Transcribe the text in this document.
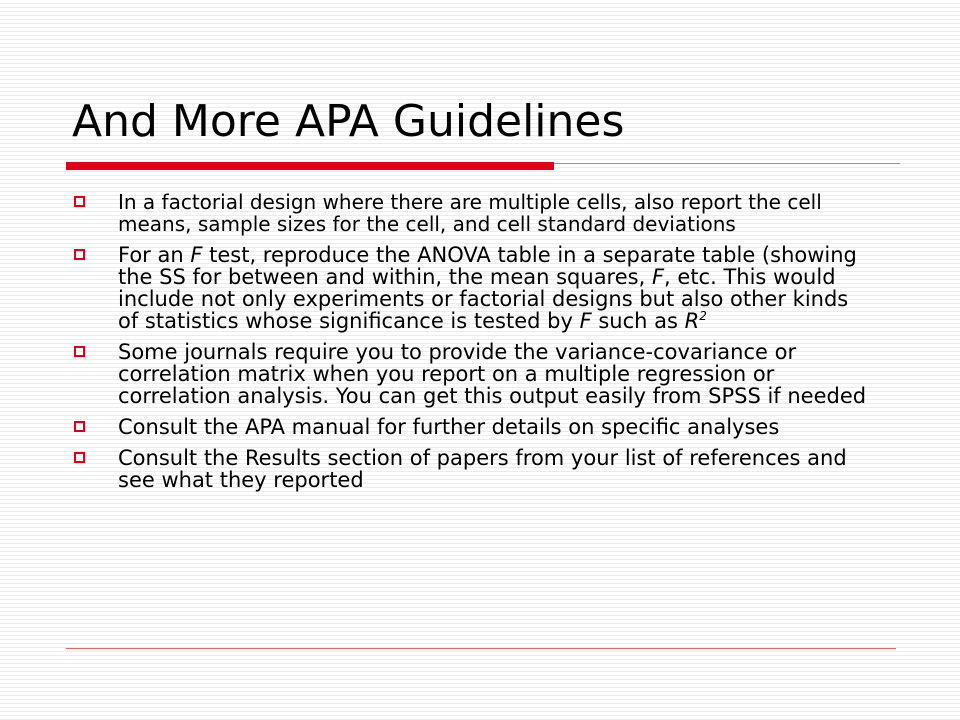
And More APA Guidelines
In a factorial design where there are multiple cells, also report the cell means, sample sizes for the cell, and cell standard deviations
For an F test, reproduce the ANOVA table in a separate table (showing the SS for between and within, the mean squares, F, etc. This would include not only experiments or factorial designs but also other kinds of statistics whose significance is tested by F such as $R^2$
Some journals require you to provide the variance-covariance or correlation matrix when you report on a multiple regression or correlation analysis. You can get this output easily from SPSS if needed
Consult the APA manual for further details on specific analyses
Consult the Results section of papers from your list of references and see what they reported
